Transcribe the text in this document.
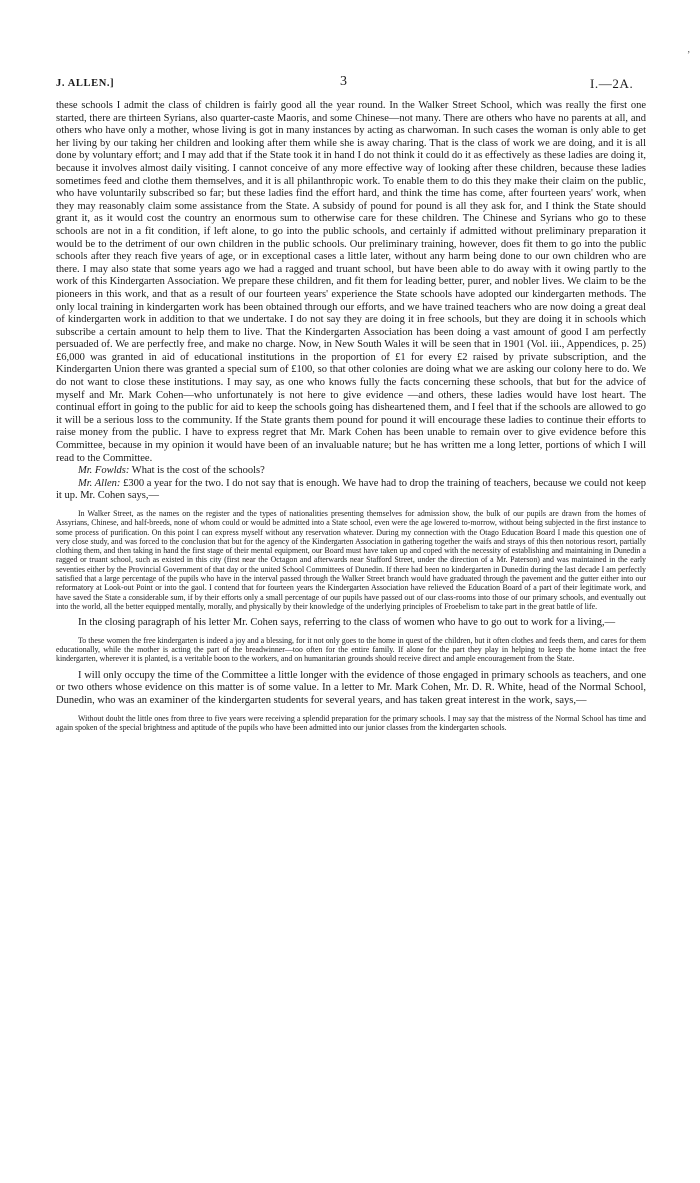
ʼ
J. ALLEN.]	3	I.—2A.

these schools I admit the class of children is fairly good all the year round. In the Walker Street School, which was really the first one started, there are thirteen Syrians, also quarter-caste Maoris, and some Chinese—not many. There are others who have no parents at all, and others who have only a mother, whose living is got in many instances by acting as charwoman. In such cases the woman is only able to get her living by our taking her children and looking after them while she is away charing. That is the class of work we are doing, and it is all done by voluntary effort; and I may add that if the State took it in hand I do not think it could do it as effectively as these ladies are doing it, because it involves almost daily visiting. I cannot conceive of any more effective way of looking after these children, because these ladies sometimes feed and clothe them themselves, and it is all philanthropic work. To enable them to do this they make their claim on the public, who have voluntarily subscribed so far; but these ladies find the effort hard, and think the time has come, after fourteen years' work, when they may reasonably claim some assistance from the State. A subsidy of pound for pound is all they ask for, and I think the State should grant it, as it would cost the country an enormous sum to otherwise care for these children. The Chinese and Syrians who go to these schools are not in a fit condition, if left alone, to go into the public schools, and certainly if admitted without preliminary preparation it would be to the detriment of our own children in the public schools. Our preliminary training, however, does fit them to go into the public schools after they reach five years of age, or in exceptional cases a little later, without any harm being done to our own children who are there. I may also state that some years ago we had a ragged and truant school, but have been able to do away with it owing partly to the work of this Kindergarten Association. We prepare these children, and fit them for leading better, purer, and nobler lives. We claim to be the pioneers in this work, and that as a result of our fourteen years' experience the State schools have adopted our kindergarten methods. The only local training in kindergarten work has been obtained through our efforts, and we have trained teachers who are now doing a great deal of kindergarten work in addition to that we undertake. I do not say they are doing it in free schools, but they are doing it in schools which subscribe a certain amount to help them to live. That the Kindergarten Association has been doing a vast amount of good I am perfectly persuaded of. We are perfectly free, and make no charge. Now, in New South Wales it will be seen that in 1901 (Vol. iii., Appendices, p. 25) £6,000 was granted in aid of educational institutions in the proportion of £1 for every £2 raised by private subscription, and the Kindergarten Union there was granted a special sum of £100, so that other colonies are doing what we are asking our colony here to do. We do not want to close these institutions. I may say, as one who knows fully the facts concerning these schools, that but for the advice of myself and Mr. Mark Cohen—who unfortunately is not here to give evidence —and others, these ladies would have lost heart. The continual effort in going to the public for aid to keep the schools going has disheartened them, and I feel that if the schools are allowed to go it will be a serious loss to the community. If the State grants them pound for pound it will encourage these ladies to continue their efforts to raise money from the public. I have to express regret that Mr. Mark Cohen has been unable to remain over to give evidence before this Committee, because in my opinion it would have been of an invaluable nature; but he has written me a long letter, portions of which I will read to the Committee.

Mr. Fowlds: What is the cost of the schools?

Mr. Allen: £300 a year for the two. I do not say that is enough. We have had to drop the training of teachers, because we could not keep it up. Mr. Cohen says,—

In Walker Street, as the names on the register and the types of nationalities presenting themselves for admission show, the bulk of our pupils are drawn from the homes of Assyrians, Chinese, and half-breeds, none of whom could or would be admitted into a State school, even were the age lowered to-morrow, without being subjected in the first instance to some process of purification. On this point I can express myself without any reservation whatever. During my connection with the Otago Education Board I made this question one of very close study, and was forced to the conclusion that but for the agency of the Kindergarten Association in gathering together the waifs and strays of this then notorious resort, partially clothing them, and then taking in hand the first stage of their mental equipment, our Board must have taken up and coped with the necessity of establishing and maintaining in Dunedin a ragged or truant school, such as existed in this city (first near the Octagon and afterwards near Stafford Street, under the direction of a Mr. Paterson) and was maintained in the early seventies either by the Provincial Government of that day or the united School Committees of Dunedin. If there had been no kindergarten in Dunedin during the last decade I am perfectly satisfied that a large percentage of the pupils who have in the interval passed through the Walker Street branch would have graduated through the pavement and the gutter either into our reformatory at Look-out Point or into the gaol. I contend that for fourteen years the Kindergarten Association have relieved the Education Board of a part of their legitimate work, and have saved the State a considerable sum, if by their efforts only a small percentage of our pupils have passed out of our class-rooms into those of our primary schools, and eventually out into the world, all the better equipped mentally, morally, and physically by their knowledge of the underlying principles of Froebelism to take part in the great battle of life.

In the closing paragraph of his letter Mr. Cohen says, referring to the class of women who have to go out to work for a living,—

To these women the free kindergarten is indeed a joy and a blessing, for it not only goes to the home in quest of the children, but it often clothes and feeds them, and cares for them educationally, while the mother is acting the part of the breadwinner—too often for the entire family. If alone for the part they play in helping to keep the home intact the free kindergarten, wherever it is planted, is a veritable boon to the workers, and on humanitarian grounds should receive direct and ample encouragement from the State.

I will only occupy the time of the Committee a little longer with the evidence of those engaged in primary schools as teachers, and one or two others whose evidence on this matter is of some value. In a letter to Mr. Mark Cohen, Mr. D. R. White, head of the Normal School, Dunedin, who was an examiner of the kindergarten students for several years, and has taken great interest in the work, says,—

Without doubt the little ones from three to five years were receiving a splendid preparation for the primary schools. I may say that the mistress of the Normal School has time and again spoken of the special brightness and aptitude of the pupils who have been admitted into our junior classes from the kindergarten schools.
